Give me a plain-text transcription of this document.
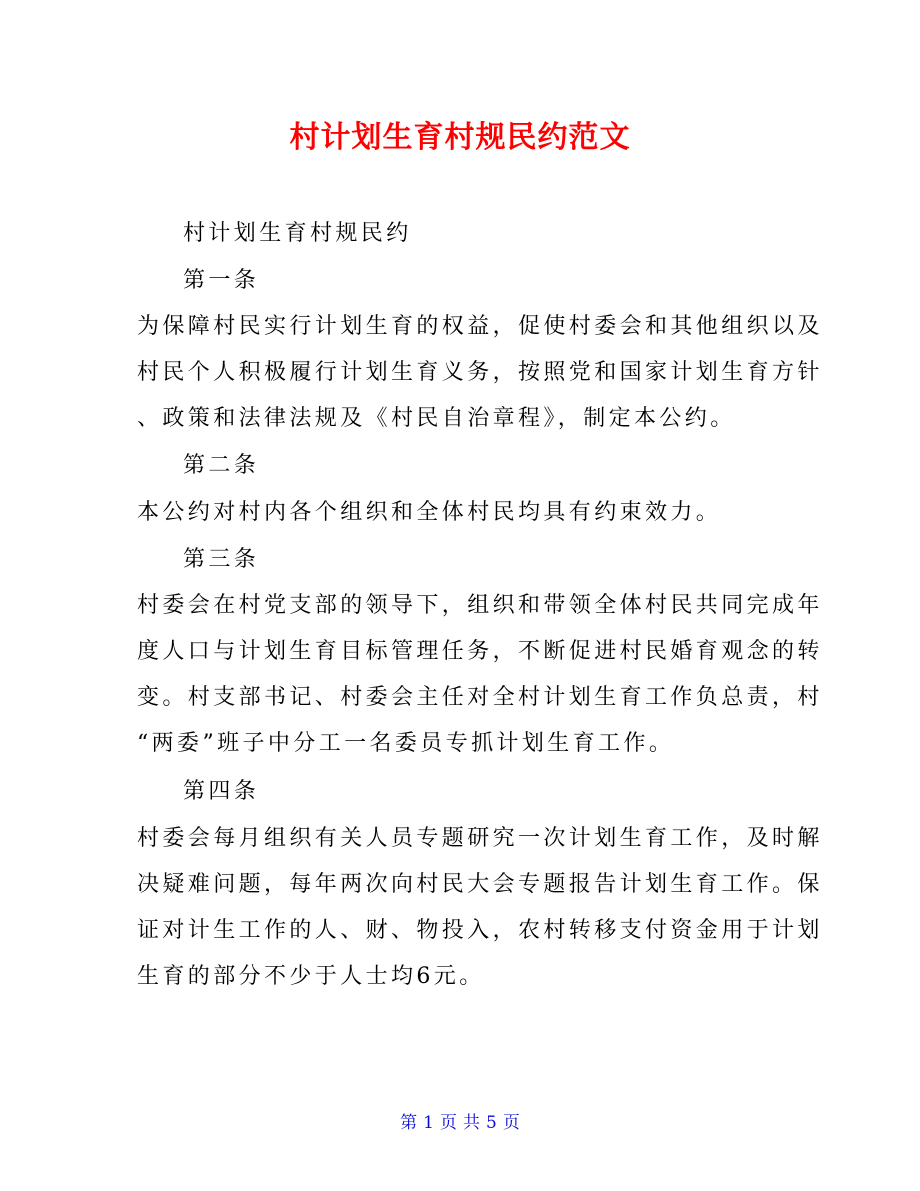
村计划生育村规民约范文
村计划生育村规民约
第一条
为保障村民实行计划生育的权益，促使村委会和其他组织以及
村民个人积极履行计划生育义务，按照党和国家计划生育方针
、政策和法律法规及《村民自治章程》，制定本公约。
第二条
本公约对村内各个组织和全体村民均具有约束效力。
第三条
村委会在村党支部的领导下，组织和带领全体村民共同完成年
度人口与计划生育目标管理任务，不断促进村民婚育观念的转
变。村支部书记、村委会主任对全村计划生育工作负总责，村
“两委”班子中分工一名委员专抓计划生育工作。
第四条
村委会每月组织有关人员专题研究一次计划生育工作，及时解
决疑难问题，每年两次向村民大会专题报告计划生育工作。保
证对计生工作的人、财、物投入，农村转移支付资金用于计划
生育的部分不少于人士均6元。
第 1 页 共 5 页
